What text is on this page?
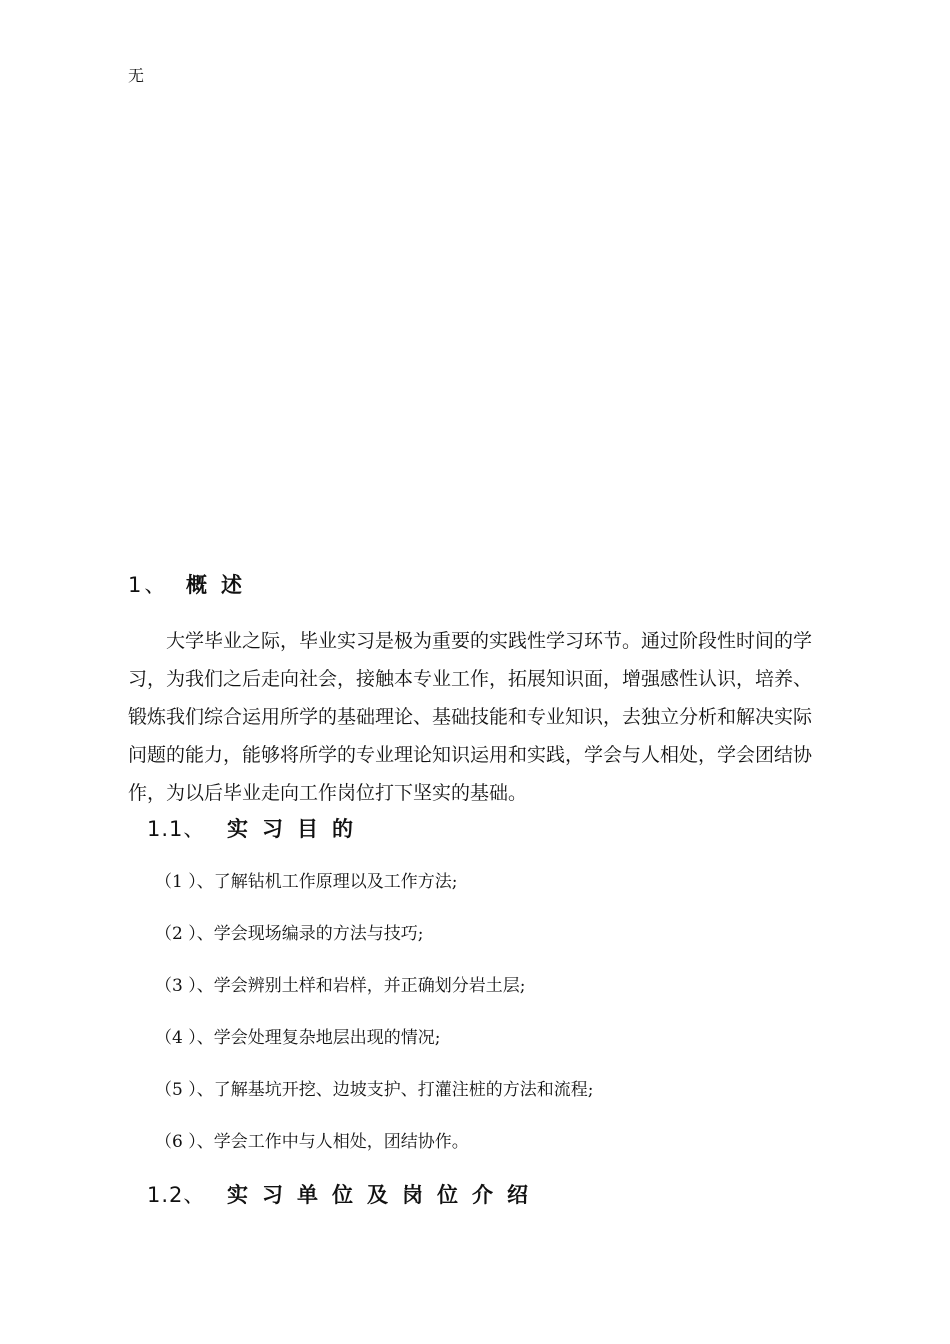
无
1、 概述
大学毕业之际，毕业实习是极为重要的实践性学习环节。通过阶段性时间的学
习，为我们之后走向社会，接触本专业工作，拓展知识面，增强感性认识，培养、
锻炼我们综合运用所学的基础理论、基础技能和专业知识，去独立分析和解决实际
问题的能力，能够将所学的专业理论知识运用和实践，学会与人相处，学会团结协
作，为以后毕业走向工作岗位打下坚实的基础。
1.1、 实习目的
（1 ）、了解钻机工作原理以及工作方法;
（2 ）、学会现场编录的方法与技巧;
（3 ）、学会辨别土样和岩样，并正确划分岩土层;
（4 ）、学会处理复杂地层出现的情况;
（5 ）、了解基坑开挖、边坡支护、打灌注桩的方法和流程;
（6 ）、学会工作中与人相处，团结协作。
1.2、 实习单位及岗位介绍
